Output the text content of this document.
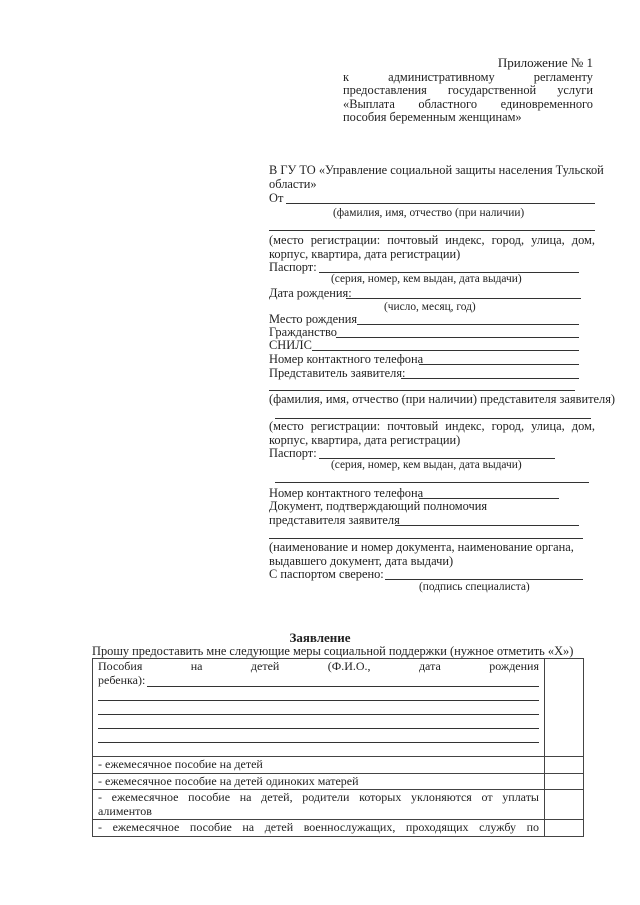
Приложение № 1
к административному регламенту
предоставления государственной услуги
«Выплата областного единовременного
пособия беременным женщинам»
В ГУ ТО «Управление социальной защиты населения Тульской
области»
От
(фамилия, имя, отчество (при наличии)
(место регистрации: почтовый индекс, город, улица, дом,
корпус, квартира, дата регистрации)
Паспорт:
(серия, номер, кем выдан, дата выдачи)
Дата рождения:
(число, месяц, год)
Место рождения
Гражданство
СНИЛС
Номер контактного телефона
Представитель заявителя:
(фамилия, имя, отчество (при наличии) представителя заявителя)
(место регистрации: почтовый индекс, город, улица, дом,
корпус, квартира, дата регистрации)
Паспорт:
(серия, номер, кем выдан, дата выдачи)
Номер контактного телефона
Документ, подтверждающий полномочия
представителя заявителя
(наименование и номер документа, наименование органа,
выдавшего документ, дата выдачи)
С паспортом сверено:
(подпись специалиста)
Заявление
Прошу предоставить мне следующие меры социальной поддержки (нужное отметить «Х»)
Пособия на детей (Ф.И.О., дата рождения
ребенка):	

- ежемесячное пособие на детей	
- ежемесячное пособие на детей одиноких матерей	

- ежемесячное пособие на детей, родители которых уклоняются от уплаты
алиментов	

- ежемесячное пособие на детей военнослужащих, проходящих службу по	
